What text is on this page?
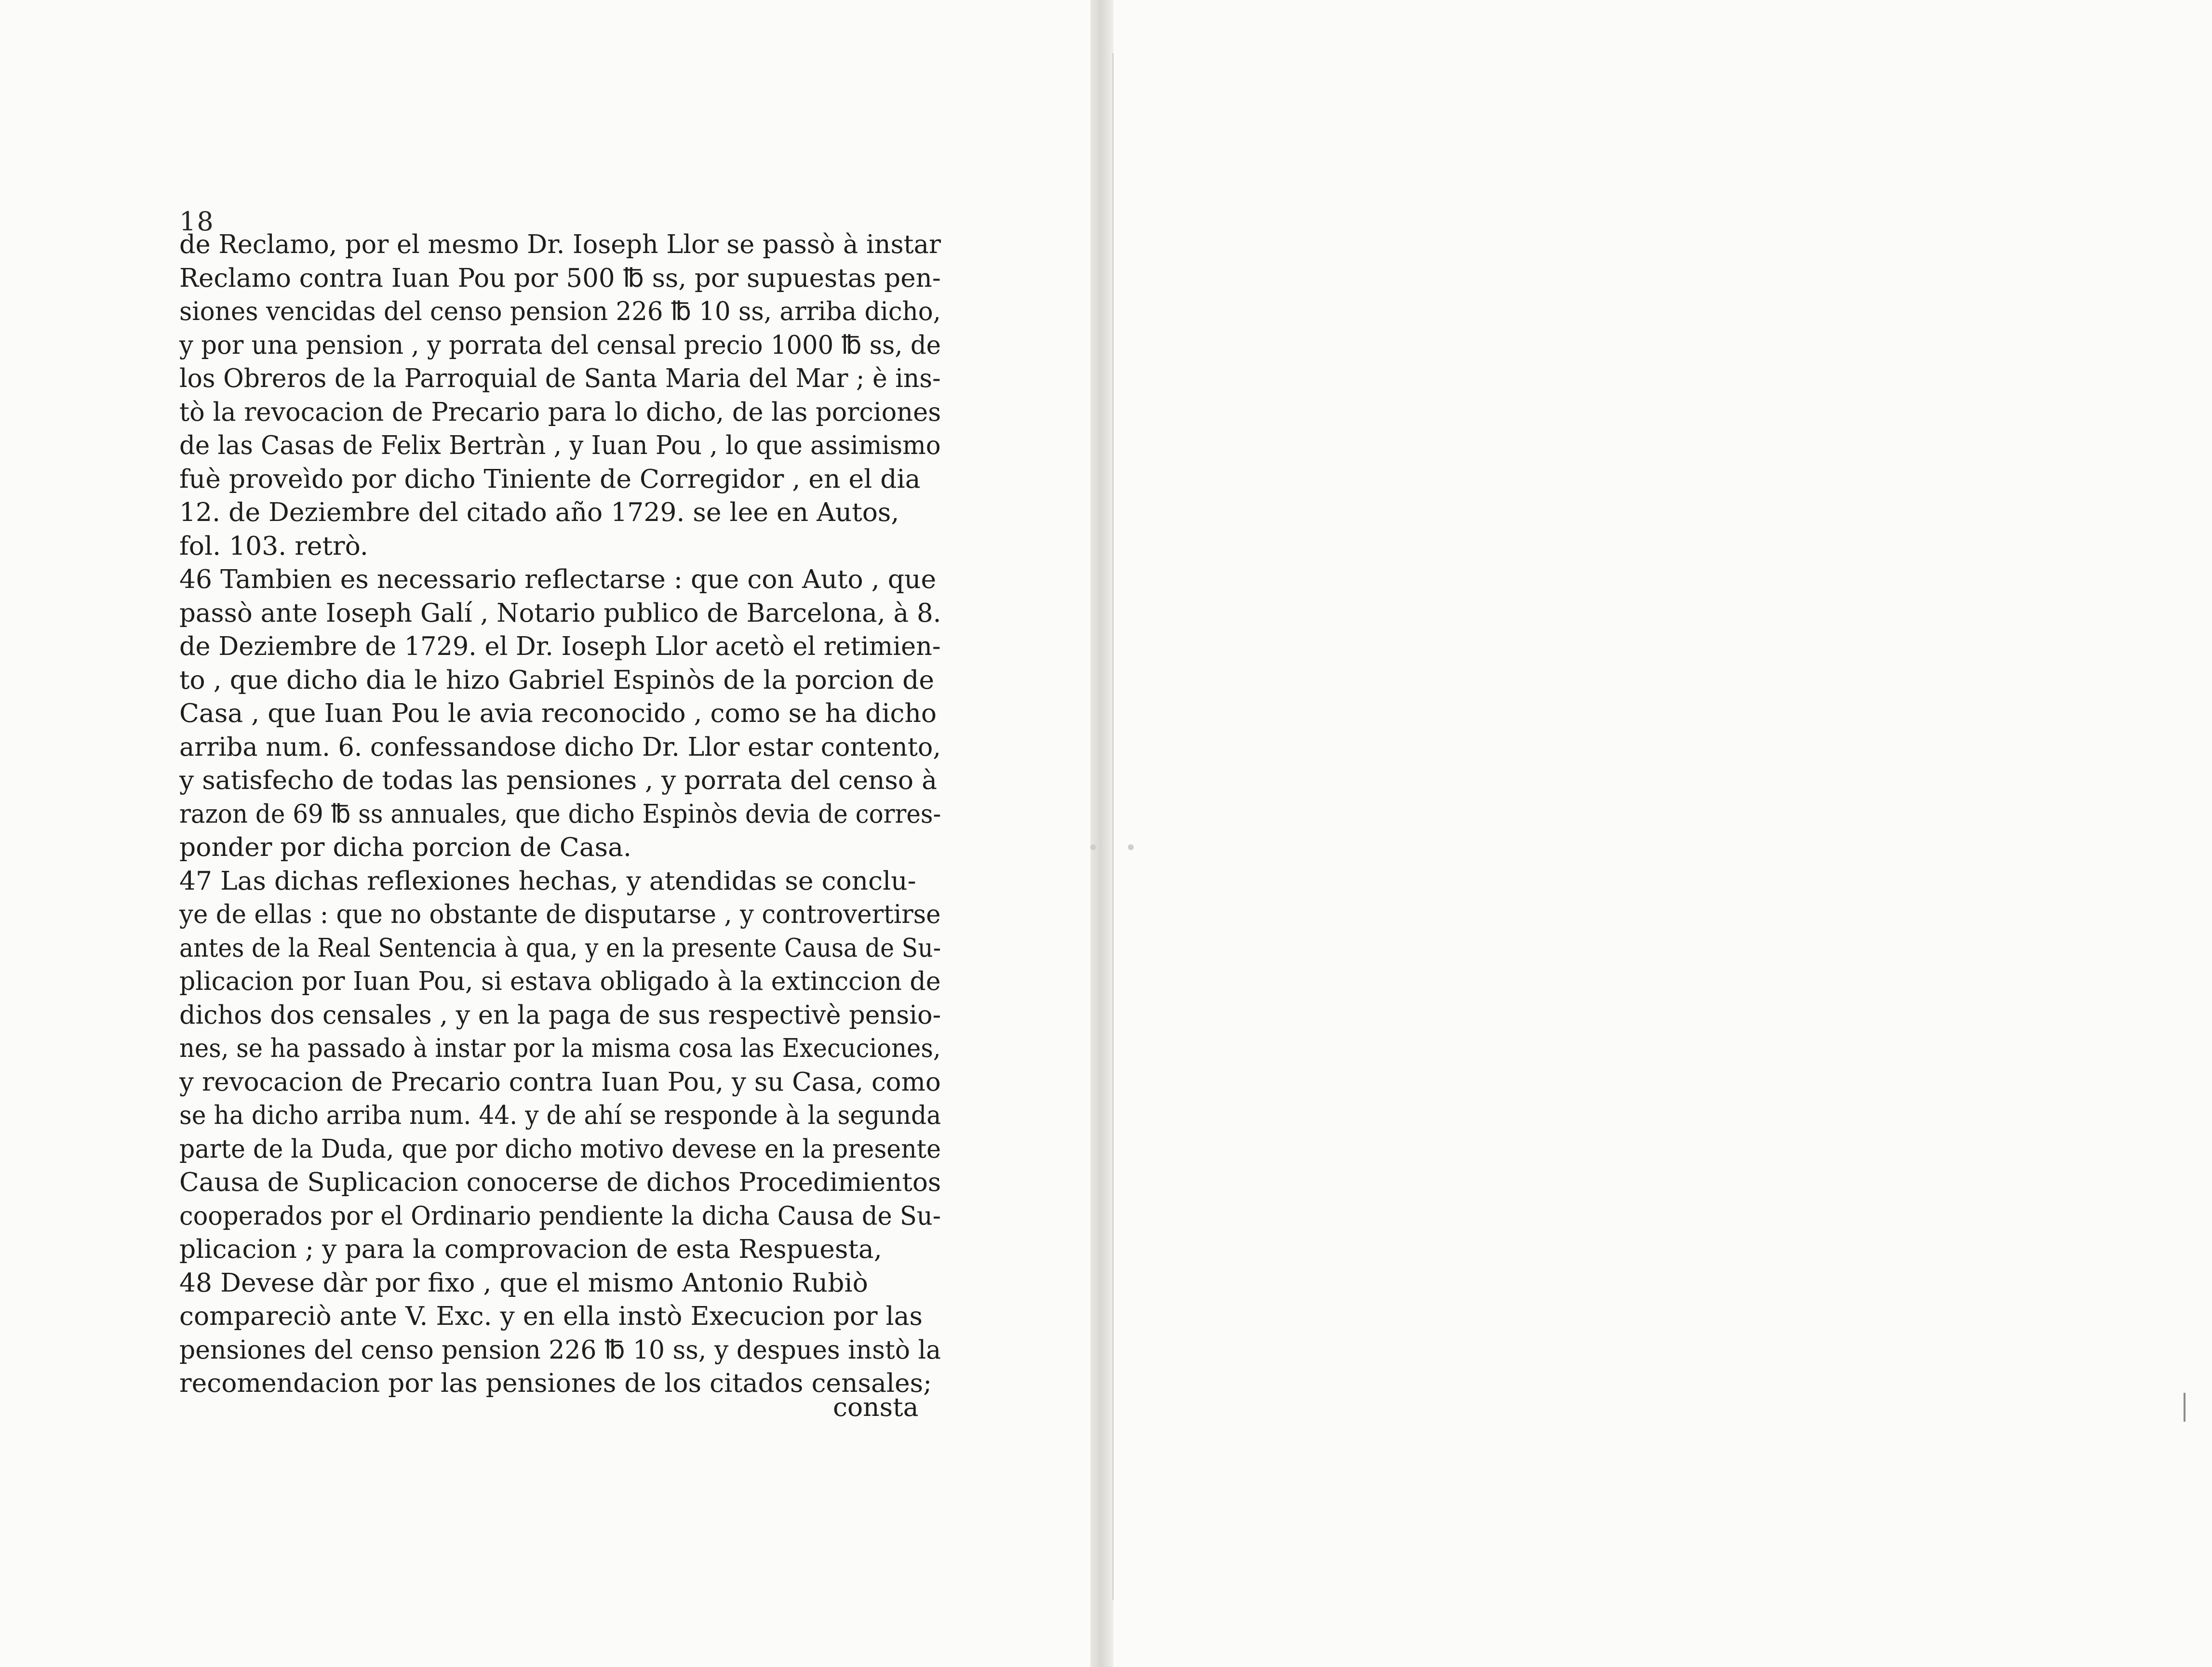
18
de Reclamo, por el mesmo Dr. Ioseph Llor se passò à instar
Reclamo contra Iuan Pou por 500 ℔ ss, por supuestas pen-
siones vencidas del censo pension 226 ℔ 10 ss, arriba dicho,
y por una pension , y porrata del censal precio 1000 ℔ ss, de
los Obreros de la Parroquial de Santa Maria del Mar ; è ins-
tò la revocacion de Precario para lo dicho, de las porciones
de las Casas de Felix Bertràn , y Iuan Pou , lo que assimismo
fuè proveìdo por dicho Tiniente de Corregidor , en el dia
12. de Deziembre del citado año 1729. se lee en Autos,
fol. 103. retrò.
46 Tambien es necessario reflectarse : que con Auto , que
passò ante Ioseph Galí , Notario publico de Barcelona, à 8.
de Deziembre de 1729. el Dr. Ioseph Llor acetò el retimien-
to , que dicho dia le hizo Gabriel Espinòs de la porcion de
Casa , que Iuan Pou le avia reconocido , como se ha dicho
arriba num. 6. confessandose dicho Dr. Llor estar contento,
y satisfecho de todas las pensiones , y porrata del censo à
razon de 69 ℔ ss annuales, que dicho Espinòs devia de corres-
ponder por dicha porcion de Casa.
47 Las dichas reflexiones hechas, y atendidas se conclu-
ye de ellas : que no obstante de disputarse , y controvertirse
antes de la Real Sentencia à qua, y en la presente Causa de Su-
plicacion por Iuan Pou, si estava obligado à la extinccion de
dichos dos censales , y en la paga de sus respectivè pensio-
nes, se ha passado à instar por la misma cosa las Execuciones,
y revocacion de Precario contra Iuan Pou, y su Casa, como
se ha dicho arriba num. 44. y de ahí se responde à la segunda
parte de la Duda, que por dicho motivo devese en la presente
Causa de Suplicacion conocerse de dichos Procedimientos
cooperados por el Ordinario pendiente la dicha Causa de Su-
plicacion ; y para la comprovacion de esta Respuesta,
48 Devese dàr por fixo , que el mismo Antonio Rubiò
compareciò ante V. Exc. y en ella instò Execucion por las
pensiones del censo pension 226 ℔ 10 ss, y despues instò la
recomendacion por las pensiones de los citados censales;
consta
